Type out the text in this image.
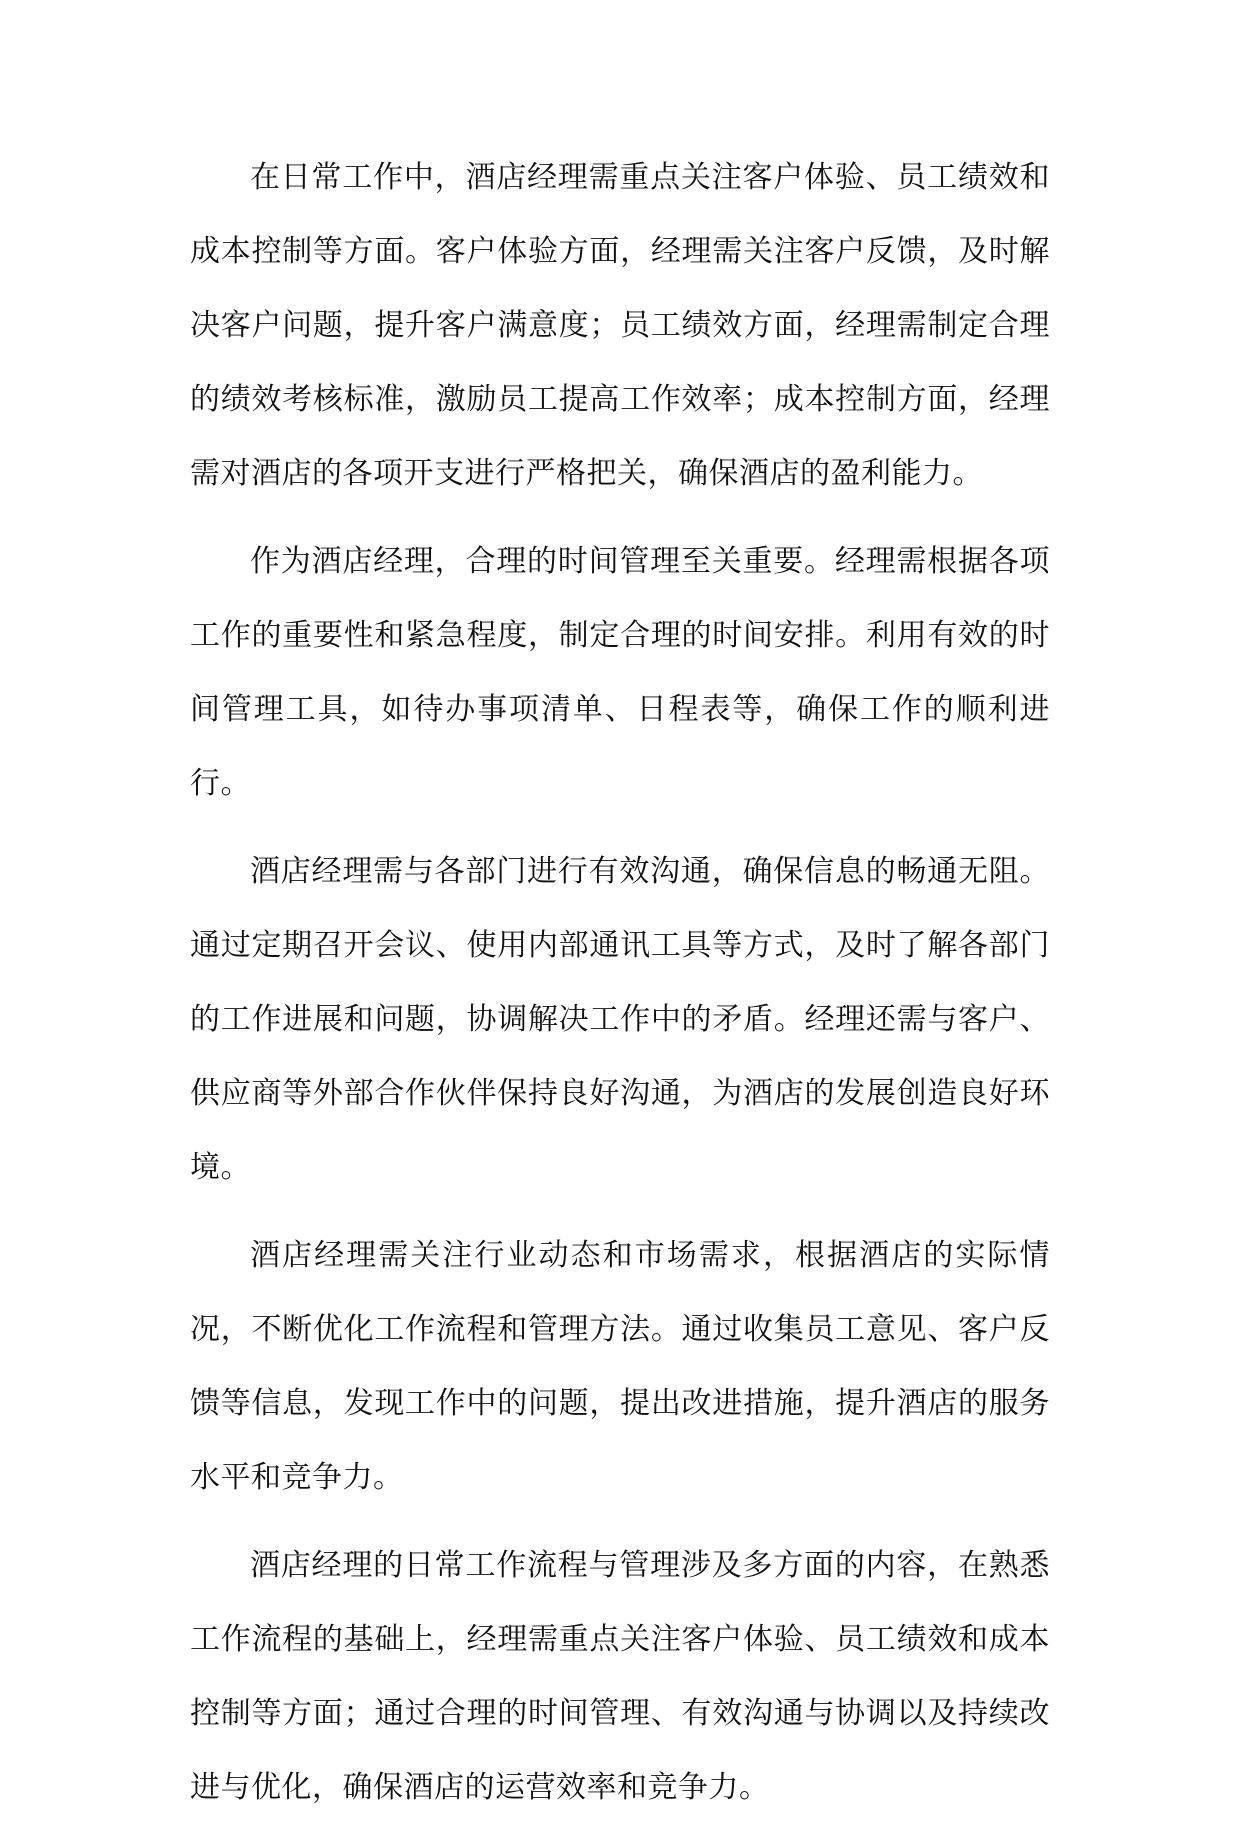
在日常工作中，酒店经理需重点关注客户体验、员工绩效和成本控制等方面。客户体验方面，经理需关注客户反馈，及时解决客户问题，提升客户满意度；员工绩效方面，经理需制定合理的绩效考核标准，激励员工提高工作效率；成本控制方面，经理需对酒店的各项开支进行严格把关，确保酒店的盈利能力。

作为酒店经理，合理的时间管理至关重要。经理需根据各项工作的重要性和紧急程度，制定合理的时间安排。利用有效的时间管理工具，如待办事项清单、日程表等，确保工作的顺利进行。

酒店经理需与各部门进行有效沟通，确保信息的畅通无阻。通过定期召开会议、使用内部通讯工具等方式，及时了解各部门的工作进展和问题，协调解决工作中的矛盾。经理还需与客户、供应商等外部合作伙伴保持良好沟通，为酒店的发展创造良好环境。

酒店经理需关注行业动态和市场需求，根据酒店的实际情况，不断优化工作流程和管理方法。通过收集员工意见、客户反馈等信息，发现工作中的问题，提出改进措施，提升酒店的服务水平和竞争力。

酒店经理的日常工作流程与管理涉及多方面的内容，在熟悉工作流程的基础上，经理需重点关注客户体验、员工绩效和成本控制等方面；通过合理的时间管理、有效沟通与协调以及持续改进与优化，确保酒店的运营效率和竞争力。
